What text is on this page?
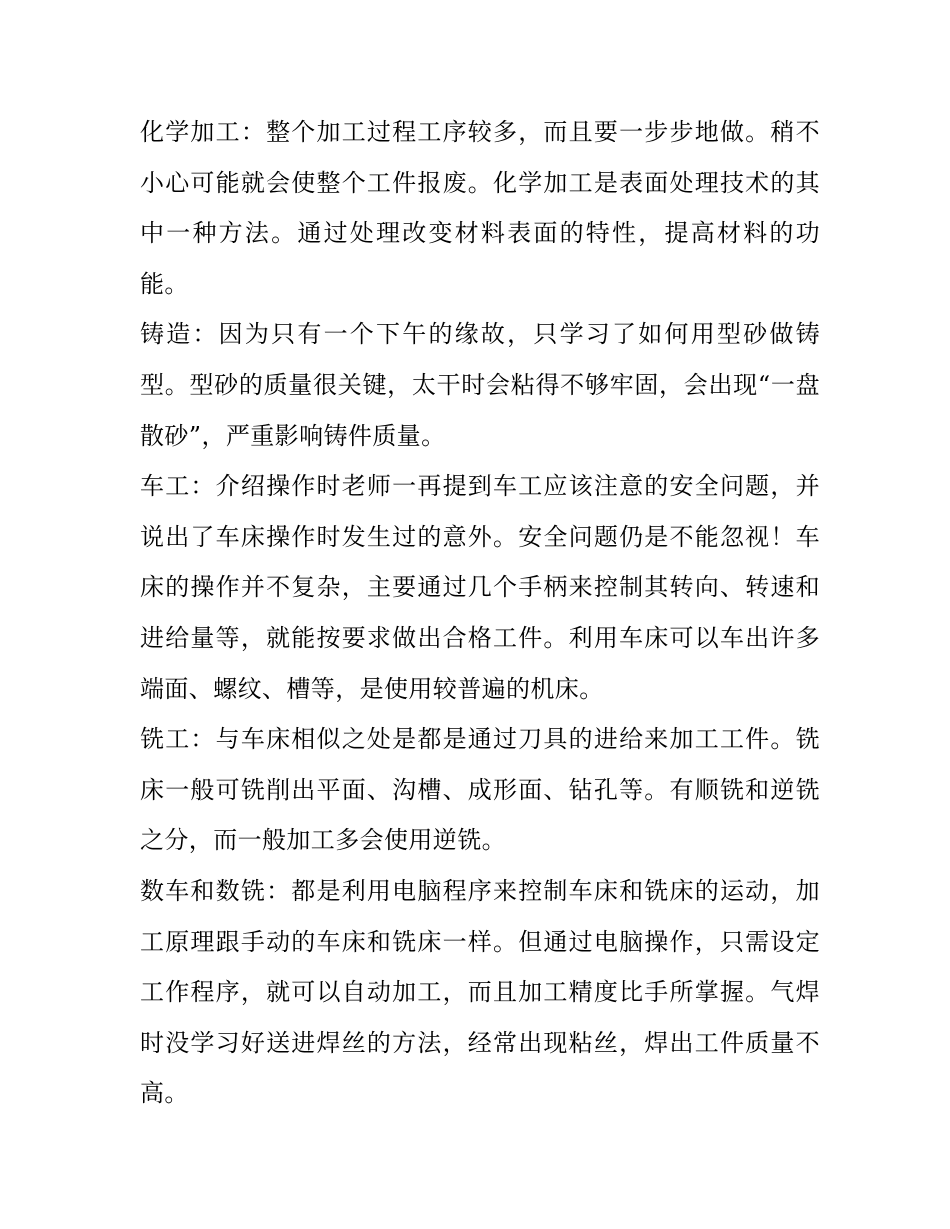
化学加工：整个加工过程工序较多，而且要一步步地做。稍不小心可能就会使整个工件报废。化学加工是表面处理技术的其中一种方法。通过处理改变材料表面的特性，提高材料的功能。

铸造：因为只有一个下午的缘故，只学习了如何用型砂做铸型。型砂的质量很关键，太干时会粘得不够牢固，会出现“一盘散砂”，严重影响铸件质量。

车工：介绍操作时老师一再提到车工应该注意的安全问题，并说出了车床操作时发生过的意外。安全问题仍是不能忽视！车床的操作并不复杂，主要通过几个手柄来控制其转向、转速和进给量等，就能按要求做出合格工件。利用车床可以车出许多端面、螺纹、槽等，是使用较普遍的机床。

铣工：与车床相似之处是都是通过刀具的进给来加工工件。铣床一般可铣削出平面、沟槽、成形面、钻孔等。有顺铣和逆铣之分，而一般加工多会使用逆铣。

数车和数铣：都是利用电脑程序来控制车床和铣床的运动，加工原理跟手动的车床和铣床一样。但通过电脑操作，只需设定工作程序，就可以自动加工，而且加工精度比手所掌握。气焊时没学习好送进焊丝的方法，经常出现粘丝，焊出工件质量不高。
